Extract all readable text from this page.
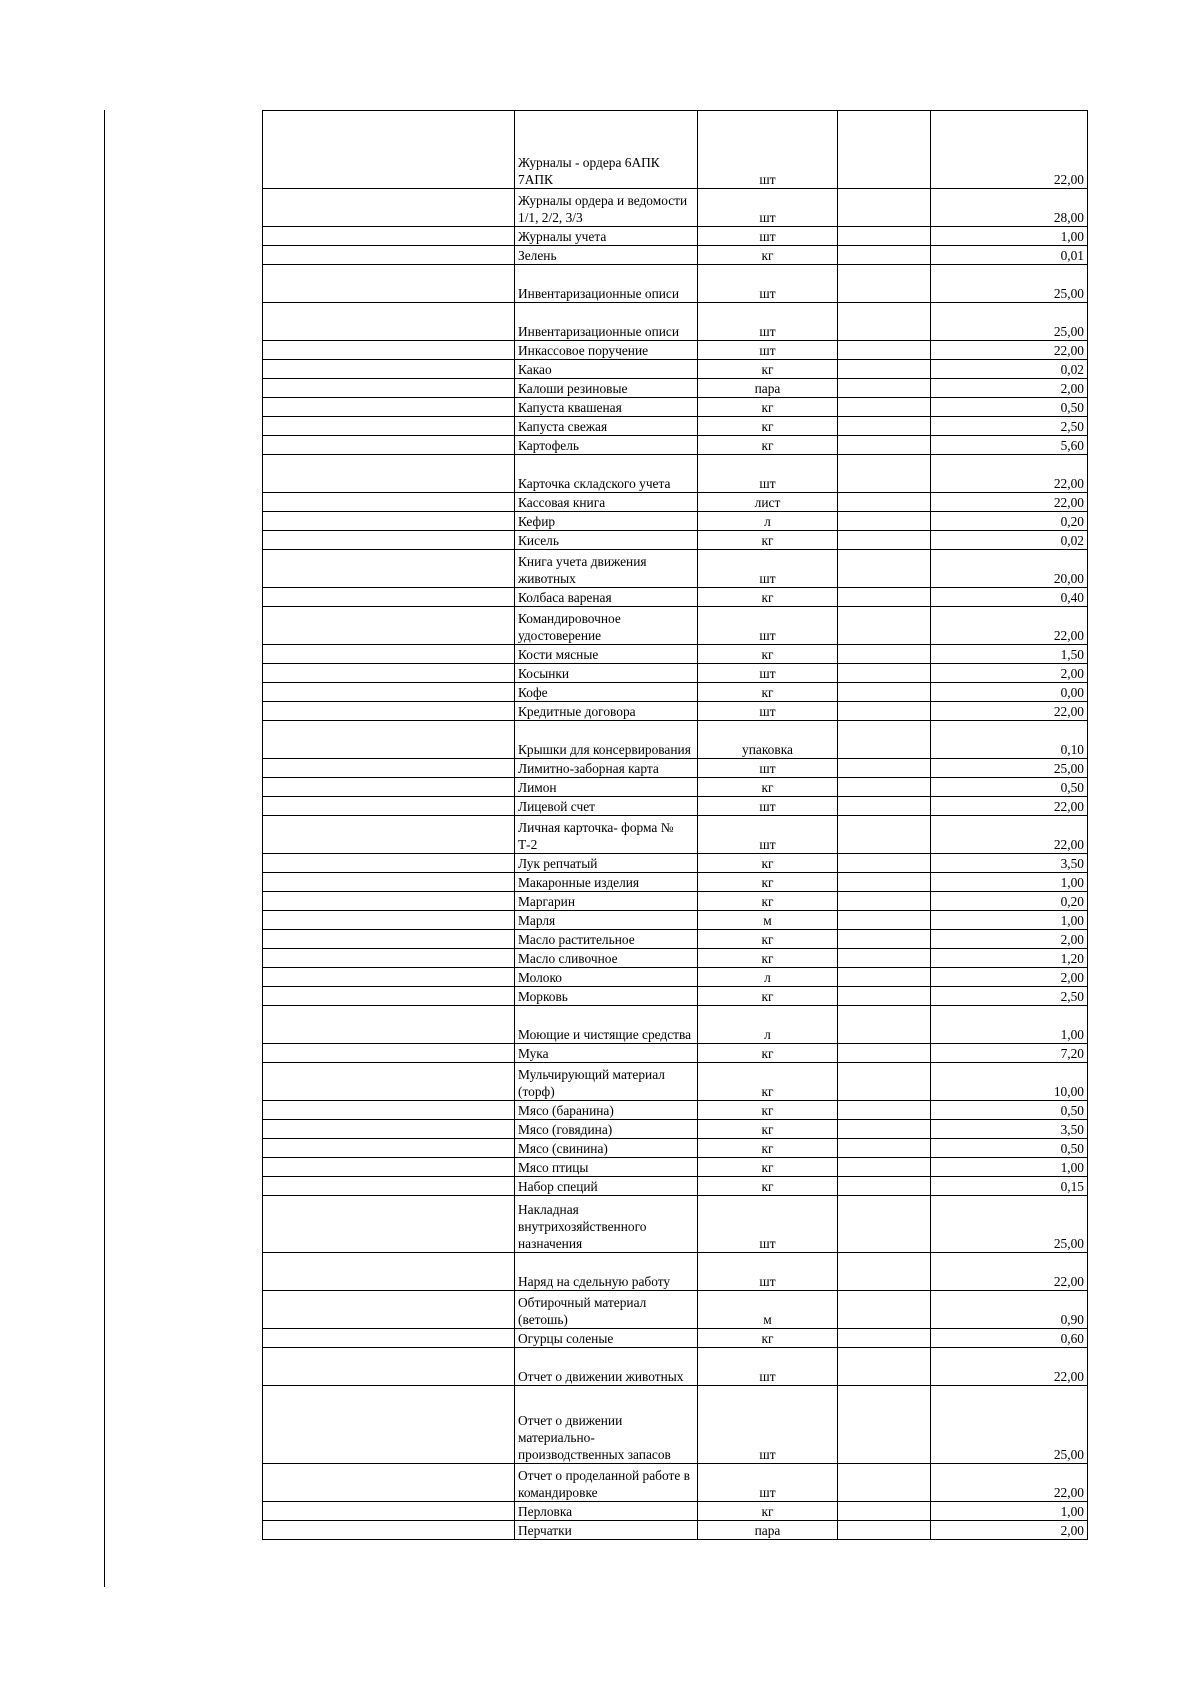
	Журналы - ордера 6АПК 7АПК	шт		22,00
	Журналы ордера и ведомости 1/1, 2/2, 3/3	шт		28,00
	Журналы учета	шт		1,00
	Зелень	кг		0,01
	Инвентаризационные описи	шт		25,00
	Инвентаризационные описи	шт		25,00
	Инкассовое поручение	шт		22,00
	Какао	кг		0,02
	Калоши резиновые	пара		2,00
	Капуста квашеная	кг		0,50
	Капуста свежая	кг		2,50
	Картофель	кг		5,60
	Карточка складского учета	шт		22,00
	Кассовая книга	лист		22,00
	Кефир	л		0,20
	Кисель	кг		0,02
	Книга учета движения животных	шт		20,00
	Колбаса вареная	кг		0,40
	Командировочное удостоверение	шт		22,00
	Кости мясные	кг		1,50
	Косынки	шт		2,00
	Кофе	кг		0,00
	Кредитные договора	шт		22,00
	Крышки для консервирования	упаковка		0,10
	Лимитно-заборная карта	шт		25,00
	Лимон	кг		0,50
	Лицевой счет	шт		22,00
	Личная карточка- форма № Т-2	шт		22,00
	Лук репчатый	кг		3,50
	Макаронные изделия	кг		1,00
	Маргарин	кг		0,20
	Марля	м		1,00
	Масло растительное	кг		2,00
	Масло сливочное	кг		1,20
	Молоко	л		2,00
	Морковь	кг		2,50
	Моющие и чистящие средства	л		1,00
	Мука	кг		7,20
	Мульчирующий материал (торф)	кг		10,00
	Мясо (баранина)	кг		0,50
	Мясо (говядина)	кг		3,50
	Мясо (свинина)	кг		0,50
	Мясо птицы	кг		1,00
	Набор специй	кг		0,15
	Накладная внутрихозяйственного назначения	шт		25,00
	Наряд на сдельную работу	шт		22,00
	Обтирочный материал (ветошь)	м		0,90
	Огурцы соленые	кг		0,60
	Отчет о движении животных	шт		22,00
	Отчет о движении материально-производственных запасов	шт		25,00
	Отчет о проделанной работе в командировке	шт		22,00
	Перловка	кг		1,00
	Перчатки	пара		2,00
